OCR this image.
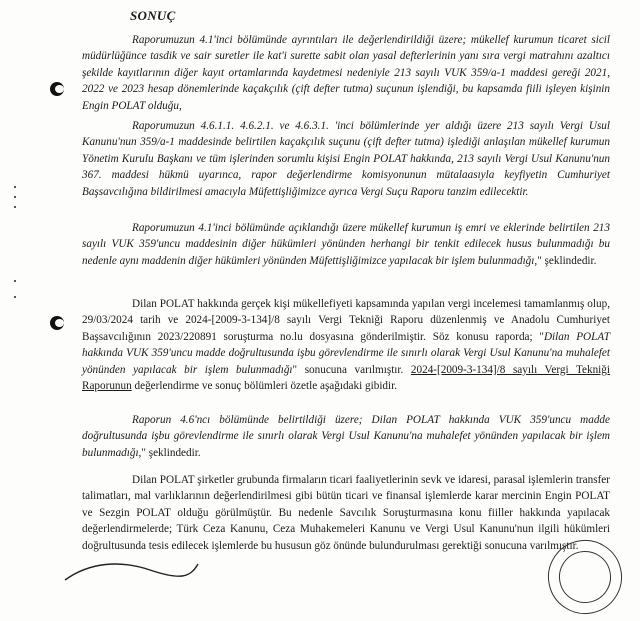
SONUÇ
Raporumuzun 4.1'inci bölümünde ayrıntıları ile değerlendirildiği üzere; mükellef kurumun ticaret sicil müdürlüğünce tasdik ve sair suretler ile kat'i surette sabit olan yasal defterlerinin yanı sıra vergi matrahını azaltıcı şekilde kayıtlarının diğer kayıt ortamlarında kaydetmesi nedeniyle 213 sayılı VUK 359/a-1 maddesi gereği 2021, 2022 ve 2023 hesap dönemlerinde kaçakçılık (çift defter tutma) suçunun işlendiği, bu kapsamda fiili işleyen kişinin Engin POLAT olduğu,
Raporumuzun 4.6.1.1. 4.6.2.1. ve 4.6.3.1. 'inci bölümlerinde yer aldığı üzere 213 sayılı Vergi Usul Kanunu'nun 359/a-1 maddesinde belirtilen kaçakçılık suçunu (çift defter tutma) işlediği anlaşılan mükellef kurumun Yönetim Kurulu Başkanı ve tüm işlerinden sorumlu kişisi Engin POLAT hakkında, 213 sayılı Vergi Usul Kanunu'nun 367. maddesi hükmü uyarınca, rapor değerlendirme komisyonunun mütalaasıyla keyfiyetin Cumhuriyet Başsavcılığına bildirilmesi amacıyla Müfettişliğimizce ayrıca Vergi Suçu Raporu tanzim edilecektir.
Raporumuzun 4.1'inci bölümünde açıklandığı üzere mükellef kurumun iş emri ve eklerinde belirtilen 213 sayılı VUK 359'uncu maddesinin diğer hükümleri yönünden herhangi bir tenkit edilecek husus bulunmadığı bu nedenle aynı maddenin diğer hükümleri yönünden Müfettişliğimizce yapılacak bir işlem bulunmadığı," şeklindedir.
Dilan POLAT hakkında gerçek kişi mükellefiyeti kapsamında yapılan vergi incelemesi tamamlanmış olup, 29/03/2024 tarih ve 2024-[2009-3-134]/8 sayılı Vergi Tekniği Raporu düzenlenmiş ve Anadolu Cumhuriyet Başsavcılığının 2023/220891 soruşturma no.lu dosyasına gönderilmiştir. Söz konusu raporda; "Dilan POLAT hakkında VUK 359'uncu madde doğrultusunda işbu görevlendirme ile sınırlı olarak Vergi Usul Kanunu'na muhalefet yönünden yapılacak bir işlem bulunmadığı" sonucuna varılmıştır. 2024-[2009-3-134]/8 sayılı Vergi Tekniği Raporunun değerlendirme ve sonuç bölümleri özetle aşağıdaki gibidir.
Raporun 4.6'ncı bölümünde belirtildiği üzere; Dilan POLAT hakkında VUK 359'uncu madde doğrultusunda işbu görevlendirme ile sınırlı olarak Vergi Usul Kanunu'na muhalefet yönünden yapılacak bir işlem bulunmadığı," şeklindedir.
Dilan POLAT şirketler grubunda firmaların ticari faaliyetlerinin sevk ve idaresi, parasal işlemlerin transfer talimatları, mal varlıklarının değerlendirilmesi gibi bütün ticari ve finansal işlemlerde karar mercinin Engin POLAT ve Sezgin POLAT olduğu görülmüştür. Bu nedenle Savcılık Soruşturmasına konu fiiller hakkında yapılacak değerlendirmelerde; Türk Ceza Kanunu, Ceza Muhakemeleri Kanunu ve Vergi Usul Kanunu'nun ilgili hükümleri doğrultusunda tesis edilecek işlemlerde bu hususun göz önünde bulundurulması gerektiği sonucuna varılmıştır.
